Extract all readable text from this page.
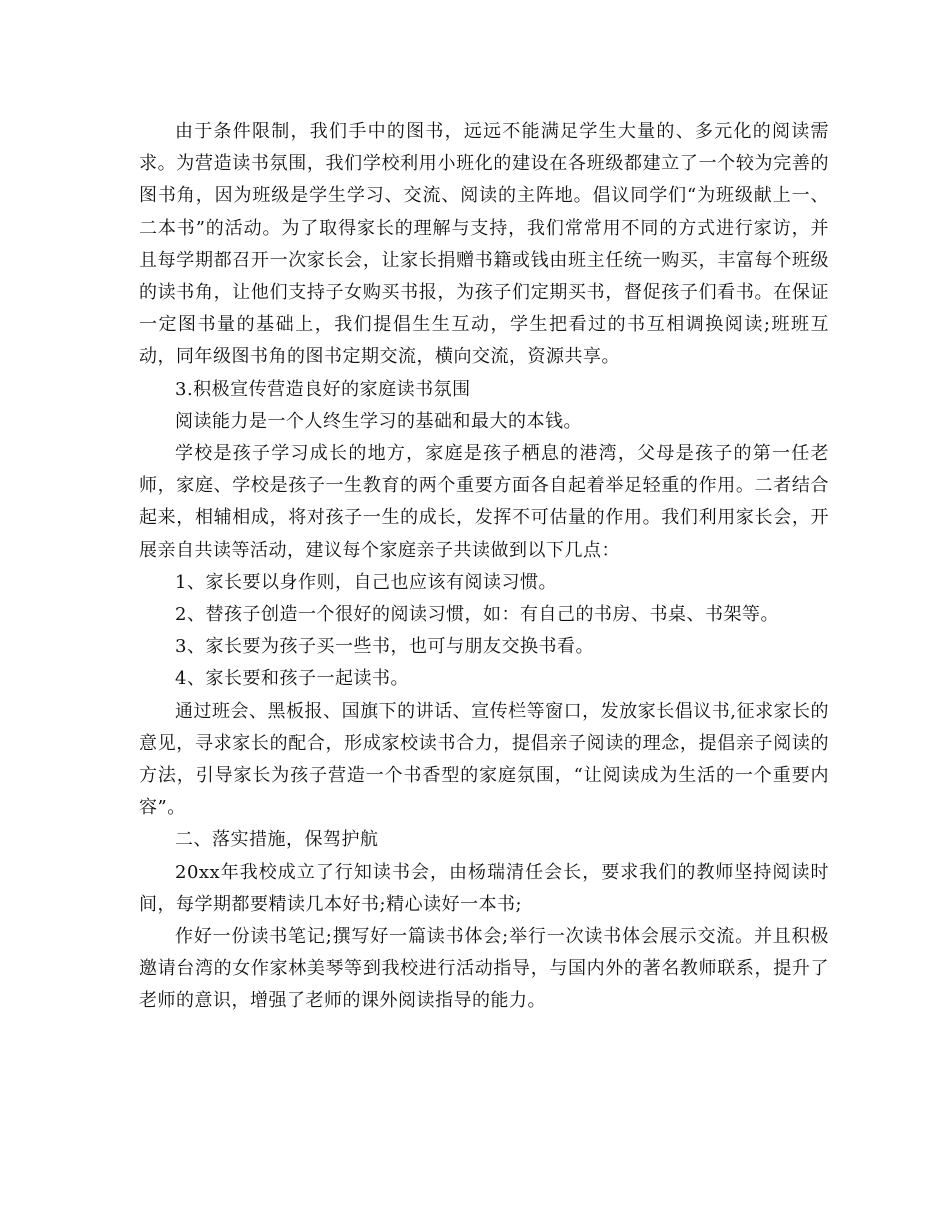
由于条件限制，我们手中的图书，远远不能满足学生大量的、多元化的阅读需求。为营造读书氛围，我们学校利用小班化的建设在各班级都建立了一个较为完善的图书角，因为班级是学生学习、交流、阅读的主阵地。倡议同学们“为班级献上一、二本书”的活动。为了取得家长的理解与支持，我们常常用不同的方式进行家访，并且每学期都召开一次家长会，让家长捐赠书籍或钱由班主任统一购买，丰富每个班级的读书角，让他们支持子女购买书报，为孩子们定期买书，督促孩子们看书。在保证一定图书量的基础上，我们提倡生生互动，学生把看过的书互相调换阅读;班班互动，同年级图书角的图书定期交流，横向交流，资源共享。

3.积极宣传营造良好的家庭读书氛围

阅读能力是一个人终生学习的基础和最大的本钱。

学校是孩子学习成长的地方，家庭是孩子栖息的港湾，父母是孩子的第一任老师，家庭、学校是孩子一生教育的两个重要方面各自起着举足轻重的作用。二者结合起来，相辅相成，将对孩子一生的成长，发挥不可估量的作用。我们利用家长会，开展亲自共读等活动，建议每个家庭亲子共读做到以下几点：

1、家长要以身作则，自己也应该有阅读习惯。

2、替孩子创造一个很好的阅读习惯，如：有自己的书房、书桌、书架等。

3、家长要为孩子买一些书，也可与朋友交换书看。

4、家长要和孩子一起读书。

通过班会、黑板报、国旗下的讲话、宣传栏等窗口，发放家长倡议书,征求家长的意见，寻求家长的配合，形成家校读书合力，提倡亲子阅读的理念，提倡亲子阅读的方法，引导家长为孩子营造一个书香型的家庭氛围，“让阅读成为生活的一个重要内容”。

二、落实措施，保驾护航

20xx年我校成立了行知读书会，由杨瑞清任会长，要求我们的教师坚持阅读时间，每学期都要精读几本好书;精心读好一本书;

作好一份读书笔记;撰写好一篇读书体会;举行一次读书体会展示交流。并且积极邀请台湾的女作家林美琴等到我校进行活动指导，与国内外的著名教师联系，提升了老师的意识，增强了老师的课外阅读指导的能力。
